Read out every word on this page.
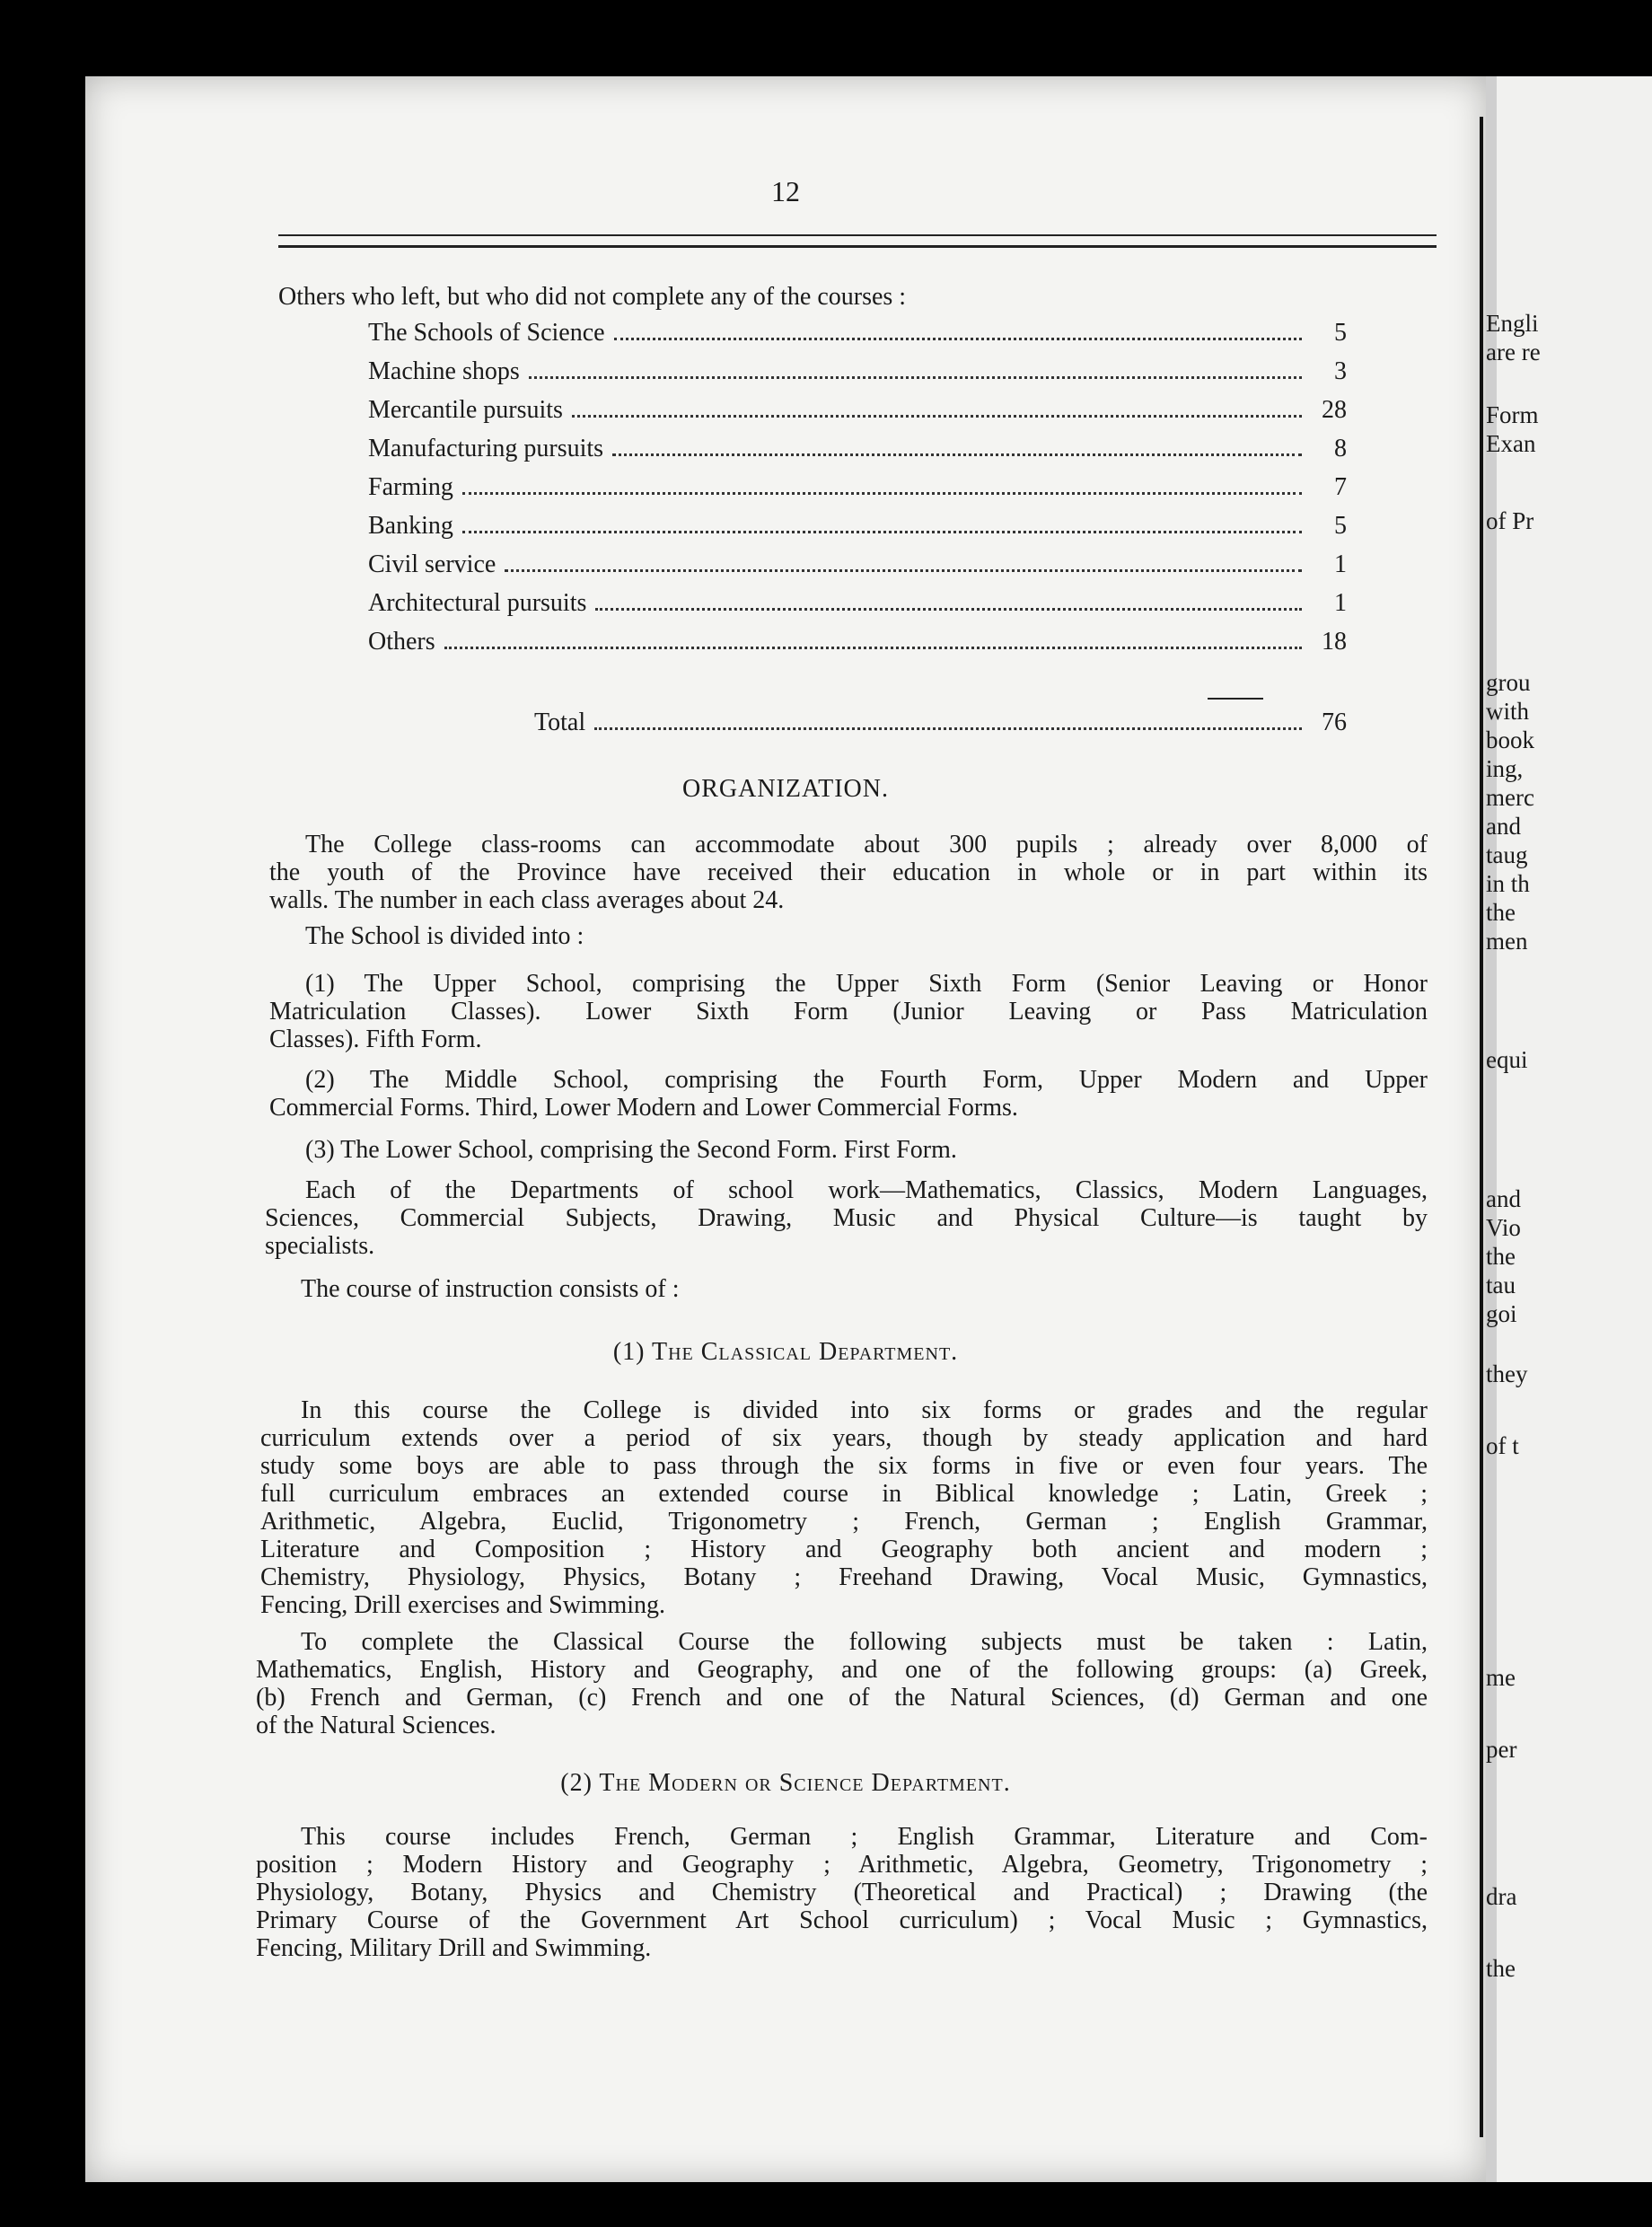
12
Others who left, but who did not complete any of the courses :
The Schools of Science	5
Machine shops	3
Mercantile pursuits	28
Manufacturing pursuits	8
Farming	7
Banking	5
Civil service	1
Architectural pursuits	1
Others	18
Total	76
ORGANIZATION.
The College class-rooms can accommodate about 300 pupils ; already over 8,000 of
the youth of the Province have received their education in whole or in part within its
walls. The number in each class averages about 24.
The School is divided into :
(1) The Upper School, comprising the Upper Sixth Form (Senior Leaving or Honor
Matriculation Classes). Lower Sixth Form (Junior Leaving or Pass Matriculation
Classes). Fifth Form.
(2) The Middle School, comprising the Fourth Form, Upper Modern and Upper
Commercial Forms. Third, Lower Modern and Lower Commercial Forms.
(3) The Lower School, comprising the Second Form. First Form.
Each of the Departments of school work—Mathematics, Classics, Modern Languages,
Sciences, Commercial Subjects, Drawing, Music and Physical Culture—is taught by
specialists.
The course of instruction consists of :
(1) The Classical Department.
In this course the College is divided into six forms or grades and the regular
curriculum extends over a period of six years, though by steady application and hard
study some boys are able to pass through the six forms in five or even four years. The
full curriculum embraces an extended course in Biblical knowledge ; Latin, Greek ;
Arithmetic, Algebra, Euclid, Trigonometry ; French, German ; English Grammar,
Literature and Composition ; History and Geography both ancient and modern ;
Chemistry, Physiology, Physics, Botany ; Freehand Drawing, Vocal Music, Gymnastics,
Fencing, Drill exercises and Swimming.
To complete the Classical Course the following subjects must be taken : Latin,
Mathematics, English, History and Geography, and one of the following groups: (a) Greek,
(b) French and German, (c) French and one of the Natural Sciences, (d) German and one
of the Natural Sciences.
(2) The Modern or Science Department.
This course includes French, German ; English Grammar, Literature and Com-
position ; Modern History and Geography ; Arithmetic, Algebra, Geometry, Trigonometry ;
Physiology, Botany, Physics and Chemistry (Theoretical and Practical) ; Drawing (the
Primary Course of the Government Art School curriculum) ; Vocal Music ; Gymnastics,
Fencing, Military Drill and Swimming.
Engli
are re
Form
Exan
of Pr
grou
with
book
ing,
merc
and
taug
in th
the
men
equi
and
Vio
the
tau
goi
they
of t
me
per
dra
the
